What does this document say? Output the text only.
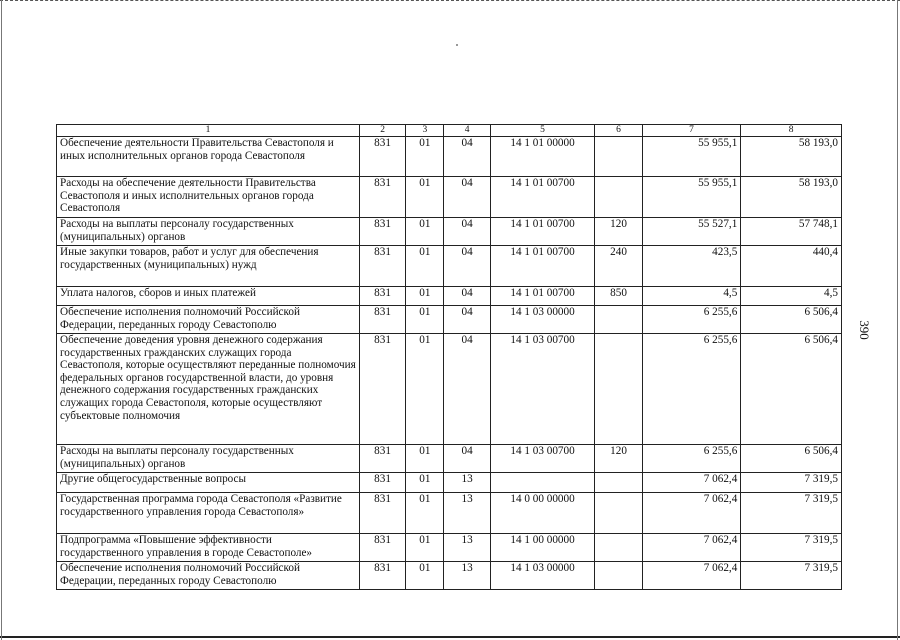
390
1	2	3	4	5	6	7	8
Обеспечение деятельности Правительства Севастополя и иных исполнительных органов города Севастополя	831	01	04	14 1 01 00000		55 955,1	58 193,0
Расходы на обеспечение деятельности Правительства Севастополя и иных исполнительных органов города Севастополя	831	01	04	14 1 01 00700		55 955,1	58 193,0
Расходы на выплаты персоналу государственных (муниципальных) органов	831	01	04	14 1 01 00700	120	55 527,1	57 748,1
Иные закупки товаров, работ и услуг для обеспечения государственных (муниципальных) нужд	831	01	04	14 1 01 00700	240	423,5	440,4
Уплата налогов, сборов и иных платежей	831	01	04	14 1 01 00700	850	4,5	4,5
Обеспечение исполнения полномочий Российской Федерации, переданных городу Севастополю	831	01	04	14 1 03 00000		6 255,6	6 506,4
Обеспечение доведения уровня денежного содержания государственных гражданских служащих города Севастополя, которые осуществляют переданные полномочия федеральных органов государственной власти, до уровня денежного содержания государственных гражданских служащих города Севастополя, которые осуществляют субъектовые полномочия	831	01	04	14 1 03 00700		6 255,6	6 506,4
Расходы на выплаты персоналу государственных (муниципальных) органов	831	01	04	14 1 03 00700	120	6 255,6	6 506,4
Другие общегосударственные вопросы	831	01	13			7 062,4	7 319,5
Государственная программа города Севастополя «Развитие государственного управления города Севастополя»	831	01	13	14 0 00 00000		7 062,4	7 319,5
Подпрограмма «Повышение эффективности государственного управления в городе Севастополе»	831	01	13	14 1 00 00000		7 062,4	7 319,5
Обеспечение исполнения полномочий Российской Федерации, переданных городу Севастополю	831	01	13	14 1 03 00000		7 062,4	7 319,5
